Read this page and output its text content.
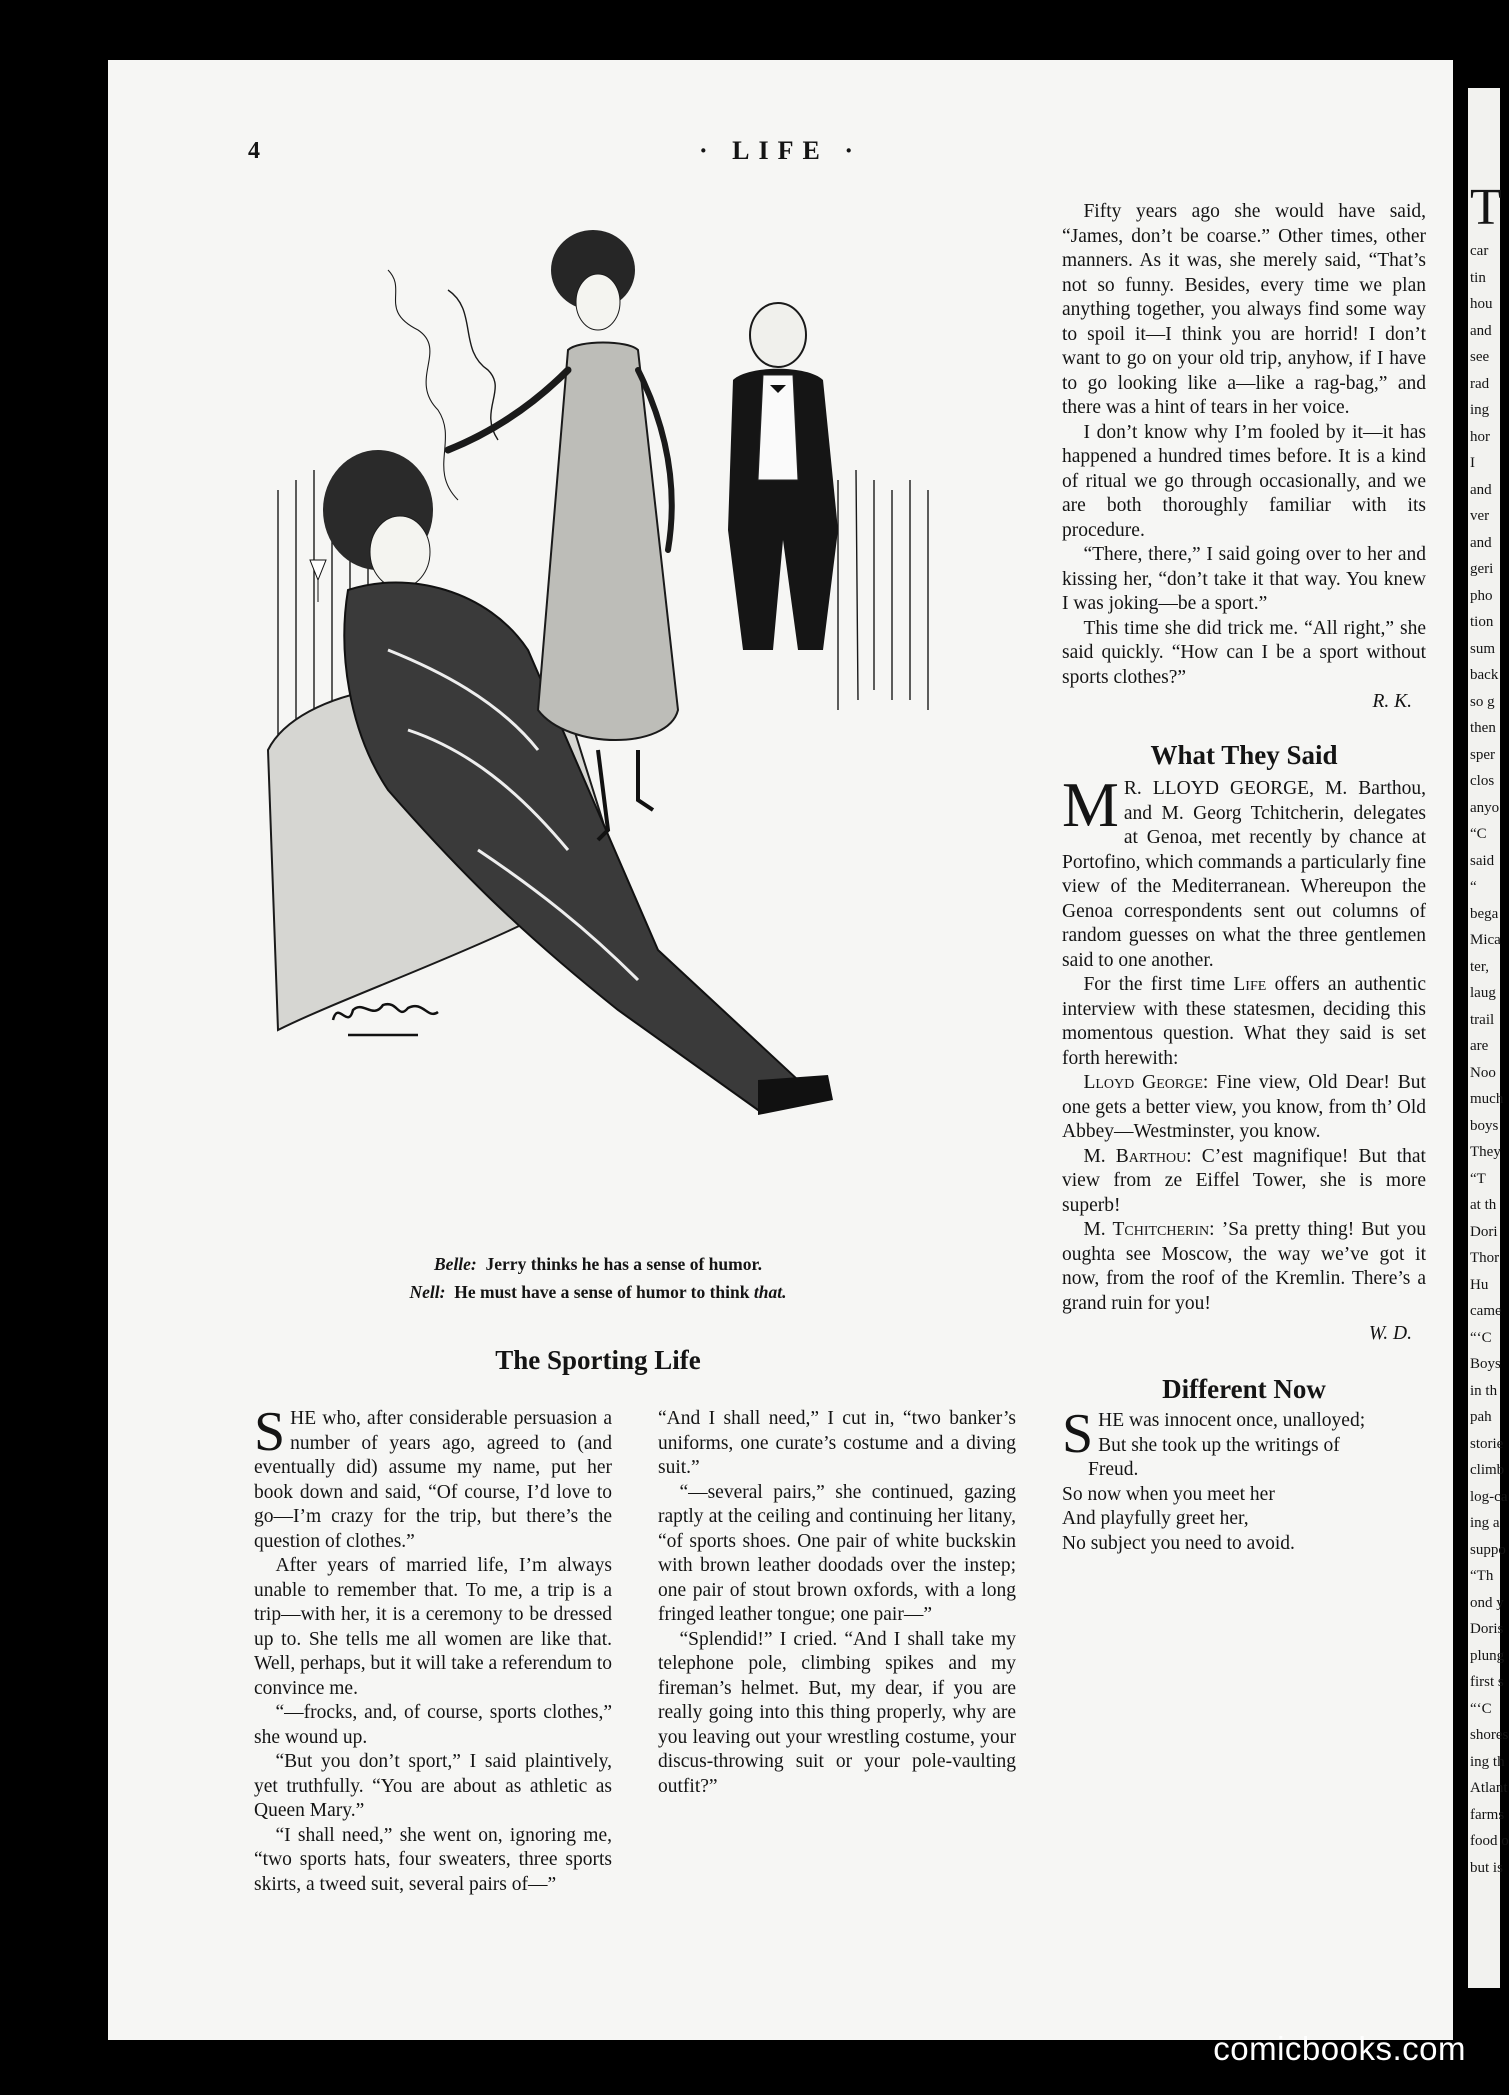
4	· LIFE ·
Belle: Jerry thinks he has a sense of humor.
Nell: He must have a sense of humor to think that.
The Sporting Life

SHE who, after considerable persuasion a number of years ago, agreed to (and eventually did) assume my name, put her book down and said, “Of course, I’d love to go—I’m crazy for the trip, but there’s the question of clothes.”

After years of married life, I’m always unable to remember that. To me, a trip is a trip—with her, it is a ceremony to be dressed up to. She tells me all women are like that. Well, perhaps, but it will take a referendum to convince me.

“—frocks, and, of course, sports clothes,” she wound up.

“But you don’t sport,” I said plaintively, yet truthfully. “You are about as athletic as Queen Mary.”

“I shall need,” she went on, ignoring me, “two sports hats, four sweaters, three sports skirts, a tweed suit, several pairs of—”

“And I shall need,” I cut in, “two banker’s uniforms, one curate’s costume and a diving suit.”

“—several pairs,” she continued, gazing raptly at the ceiling and continuing her litany, “of sports shoes. One pair of white buckskin with brown leather doodads over the instep; one pair of stout brown oxfords, with a long fringed leather tongue; one pair—”

“Splendid!” I cried. “And I shall take my telephone pole, climbing spikes and my fireman’s helmet. But, my dear, if you are really going into this thing properly, why are you leaving out your wrestling costume, your discus-throwing suit or your pole-vaulting outfit?”

Fifty years ago she would have said, “James, don’t be coarse.” Other times, other manners. As it was, she merely said, “That’s not so funny. Besides, every time we plan anything together, you always find some way to spoil it—I think you are horrid! I don’t want to go on your old trip, anyhow, if I have to go looking like a—like a rag-bag,” and there was a hint of tears in her voice.

I don’t know why I’m fooled by it—it has happened a hundred times before. It is a kind of ritual we go through occasionally, and we are both thoroughly familiar with its procedure.

“There, there,” I said going over to her and kissing her, “don’t take it that way. You knew I was joking—be a sport.”

This time she did trick me. “All right,” she said quickly. “How can I be a sport without sports clothes?”

R. K.
What They Said

M R. LLOYD GEORGE, M. Barthou, and M. Georg Tchitcherin, delegates at Genoa, met recently by chance at Portofino, which commands a particularly fine view of the Mediterranean. Whereupon the Genoa correspondents sent out columns of random guesses on what the three gentlemen said to one another.

For the first time Life offers an authentic interview with these statesmen, deciding this momentous question. What they said is set forth herewith:

Lloyd George: Fine view, Old Dear! But one gets a better view, you know, from th’ Old Abbey—Westminster, you know.

M. Barthou: C’est magnifique! But that view from ze Eiffel Tower, she is more superb!

M. Tchitcherin: ’Sa pretty thing! But you oughta see Moscow, the way we’ve got it now, from the roof of the Kremlin. There’s a grand ruin for you!

W. D.
Different Now

SHE was innocent once, unalloyed;

But she took up the writings of

Freud.

So now when you meet her

And playfully greet her,

No subject you need to avoid.

T
car
tin
hou
and
see
rad
ing
hor
I
and
ver
and
geri
pho
tion
sum
back
so g
then
sper
clos
anyo
“C
said
“
bega
Mica
ter,
laug
trail
are
Noo
much
boys
They
“T
at th
Dori
Thor
Hu
came
“‘C
Boys
in th
pah
storie
climb
log-ca
ing a
suppo
“Th
ond y
Doris
plung
first s
“‘C
shores
ing th
Atlant
farms
food o
but is
comicbooks.com
